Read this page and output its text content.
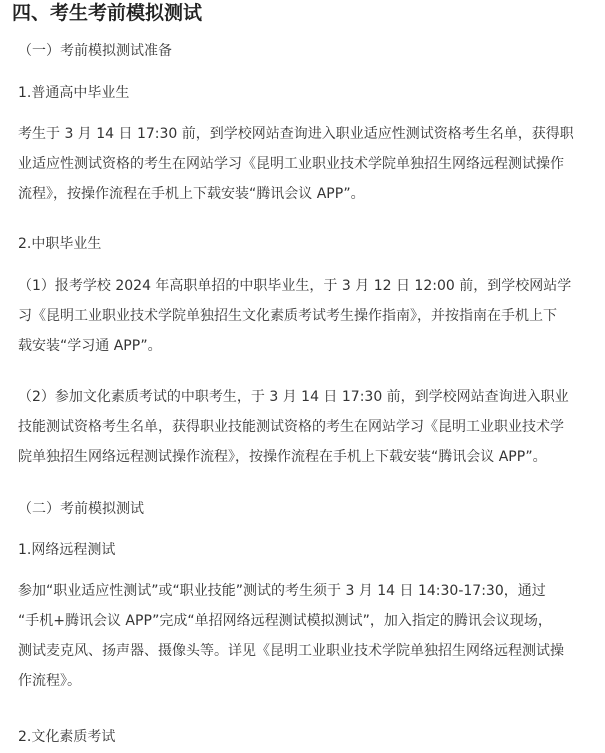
四、考生考前模拟测试

（一）考前模拟测试准备

1.普通高中毕业生

考生于 3 月 14 日 17:30 前，到学校网站查询进入职业适应性测试资格考生名单，获得职
业适应性测试资格的考生在网站学习《昆明工业职业技术学院单独招生网络远程测试操作
流程》，按操作流程在手机上下载安装“腾讯会议 APP”。

2.中职毕业生

（1）报考学校 2024 年高职单招的中职毕业生，于 3 月 12 日 12:00 前，到学校网站学
习《昆明工业职业技术学院单独招生文化素质考试考生操作指南》，并按指南在手机上下
载安装“学习通 APP”。
（2）参加文化素质考试的中职考生，于 3 月 14 日 17:30 前，到学校网站查询进入职业
技能测试资格考生名单，获得职业技能测试资格的考生在网站学习《昆明工业职业技术学
院单独招生网络远程测试操作流程》，按操作流程在手机上下载安装“腾讯会议 APP”。

（二）考前模拟测试

1.网络远程测试

参加“职业适应性测试”或“职业技能”测试的考生须于 3 月 14 日 14:30-17:30，通过
“手机+腾讯会议 APP”完成“单招网络远程测试模拟测试”，加入指定的腾讯会议现场，
测试麦克风、扬声器、摄像头等。详见《昆明工业职业技术学院单独招生网络远程测试操
作流程》。

2.文化素质考试
